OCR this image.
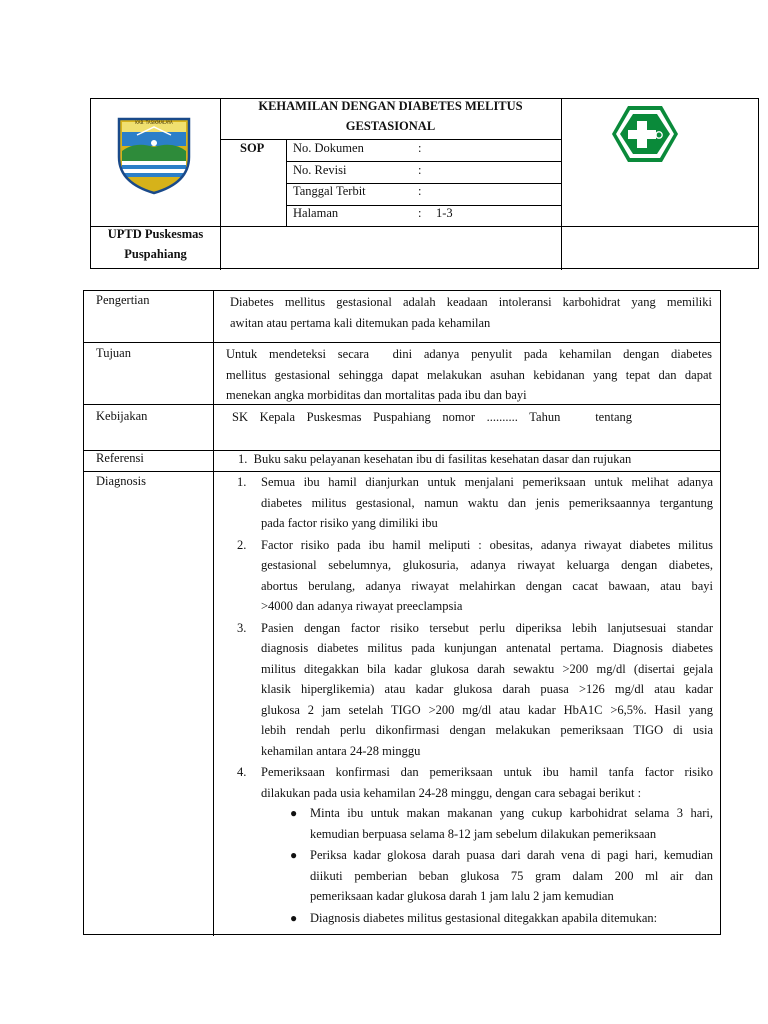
KAB. TASIKMALAYA
KEHAMILAN DENGAN DIABETES MELITUS
GESTASIONAL
SOP No. Dokumen	:
No. Revisi	:
Tanggal Terbit	:
Halaman	: 1-3
UPTD Puskesmas
Puspahiang
Pengertian	Diabetes mellitus gestasional adalah keadaan intoleransi karbohidrat yang memiliki
awitan atau pertama kali ditemukan pada kehamilan
Tujuan	Untuk mendeteksi secara  dini adanya penyulit pada kehamilan dengan diabetes
mellitus gestasional sehingga dapat melakukan asuhan kebidanan yang tepat dan dapat
menekan angka morbiditas dan mortalitas pada ibu dan bayi
Kebijakan	SK Kepala Puskesmas Puspahiang nomor .......... Tahun   tentang
Referensi	1.  Buku saku pelayanan kesehatan ibu di fasilitas kesehatan dasar dan rujukan
Diagnosis	1. Semua ibu hamil dianjurkan untuk menjalani pemeriksaan untuk melihat adanya
diabetes militus gestasional, namun waktu dan jenis pemeriksaannya tergantung
pada factor risiko yang dimiliki ibu
2. Factor risiko pada ibu hamil meliputi : obesitas, adanya riwayat diabetes militus
gestasional sebelumnya, glukosuria, adanya riwayat keluarga dengan diabetes,
abortus berulang, adanya riwayat melahirkan dengan cacat bawaan, atau bayi
>4000 dan adanya riwayat preeclampsia
3. Pasien dengan factor risiko tersebut perlu diperiksa lebih lanjutsesuai standar
diagnosis diabetes militus pada kunjungan antenatal pertama. Diagnosis diabetes
militus ditegakkan bila kadar glukosa darah sewaktu >200 mg/dl (disertai gejala
klasik hiperglikemia) atau kadar glukosa darah puasa >126 mg/dl atau kadar
glukosa 2 jam setelah TIGO >200 mg/dl atau kadar HbA1C >6,5%. Hasil yang
lebih rendah perlu dikonfirmasi dengan melakukan pemeriksaan TIGO di usia
kehamilan antara 24-28 minggu
4. Pemeriksaan konfirmasi dan pemeriksaan untuk ibu hamil tanfa factor risiko
dilakukan pada usia kehamilan 24-28 minggu, dengan cara sebagai berikut :
● Minta ibu untuk makan makanan yang cukup karbohidrat selama 3 hari,
kemudian berpuasa selama 8-12 jam sebelum dilakukan pemeriksaan
● Periksa kadar glokosa darah puasa dari darah vena di pagi hari, kemudian
diikuti pemberian beban glukosa 75 gram dalam 200 ml air dan
pemeriksaan kadar glukosa darah 1 jam lalu 2 jam kemudian
● Diagnosis diabetes militus gestasional ditegakkan apabila ditemukan:
